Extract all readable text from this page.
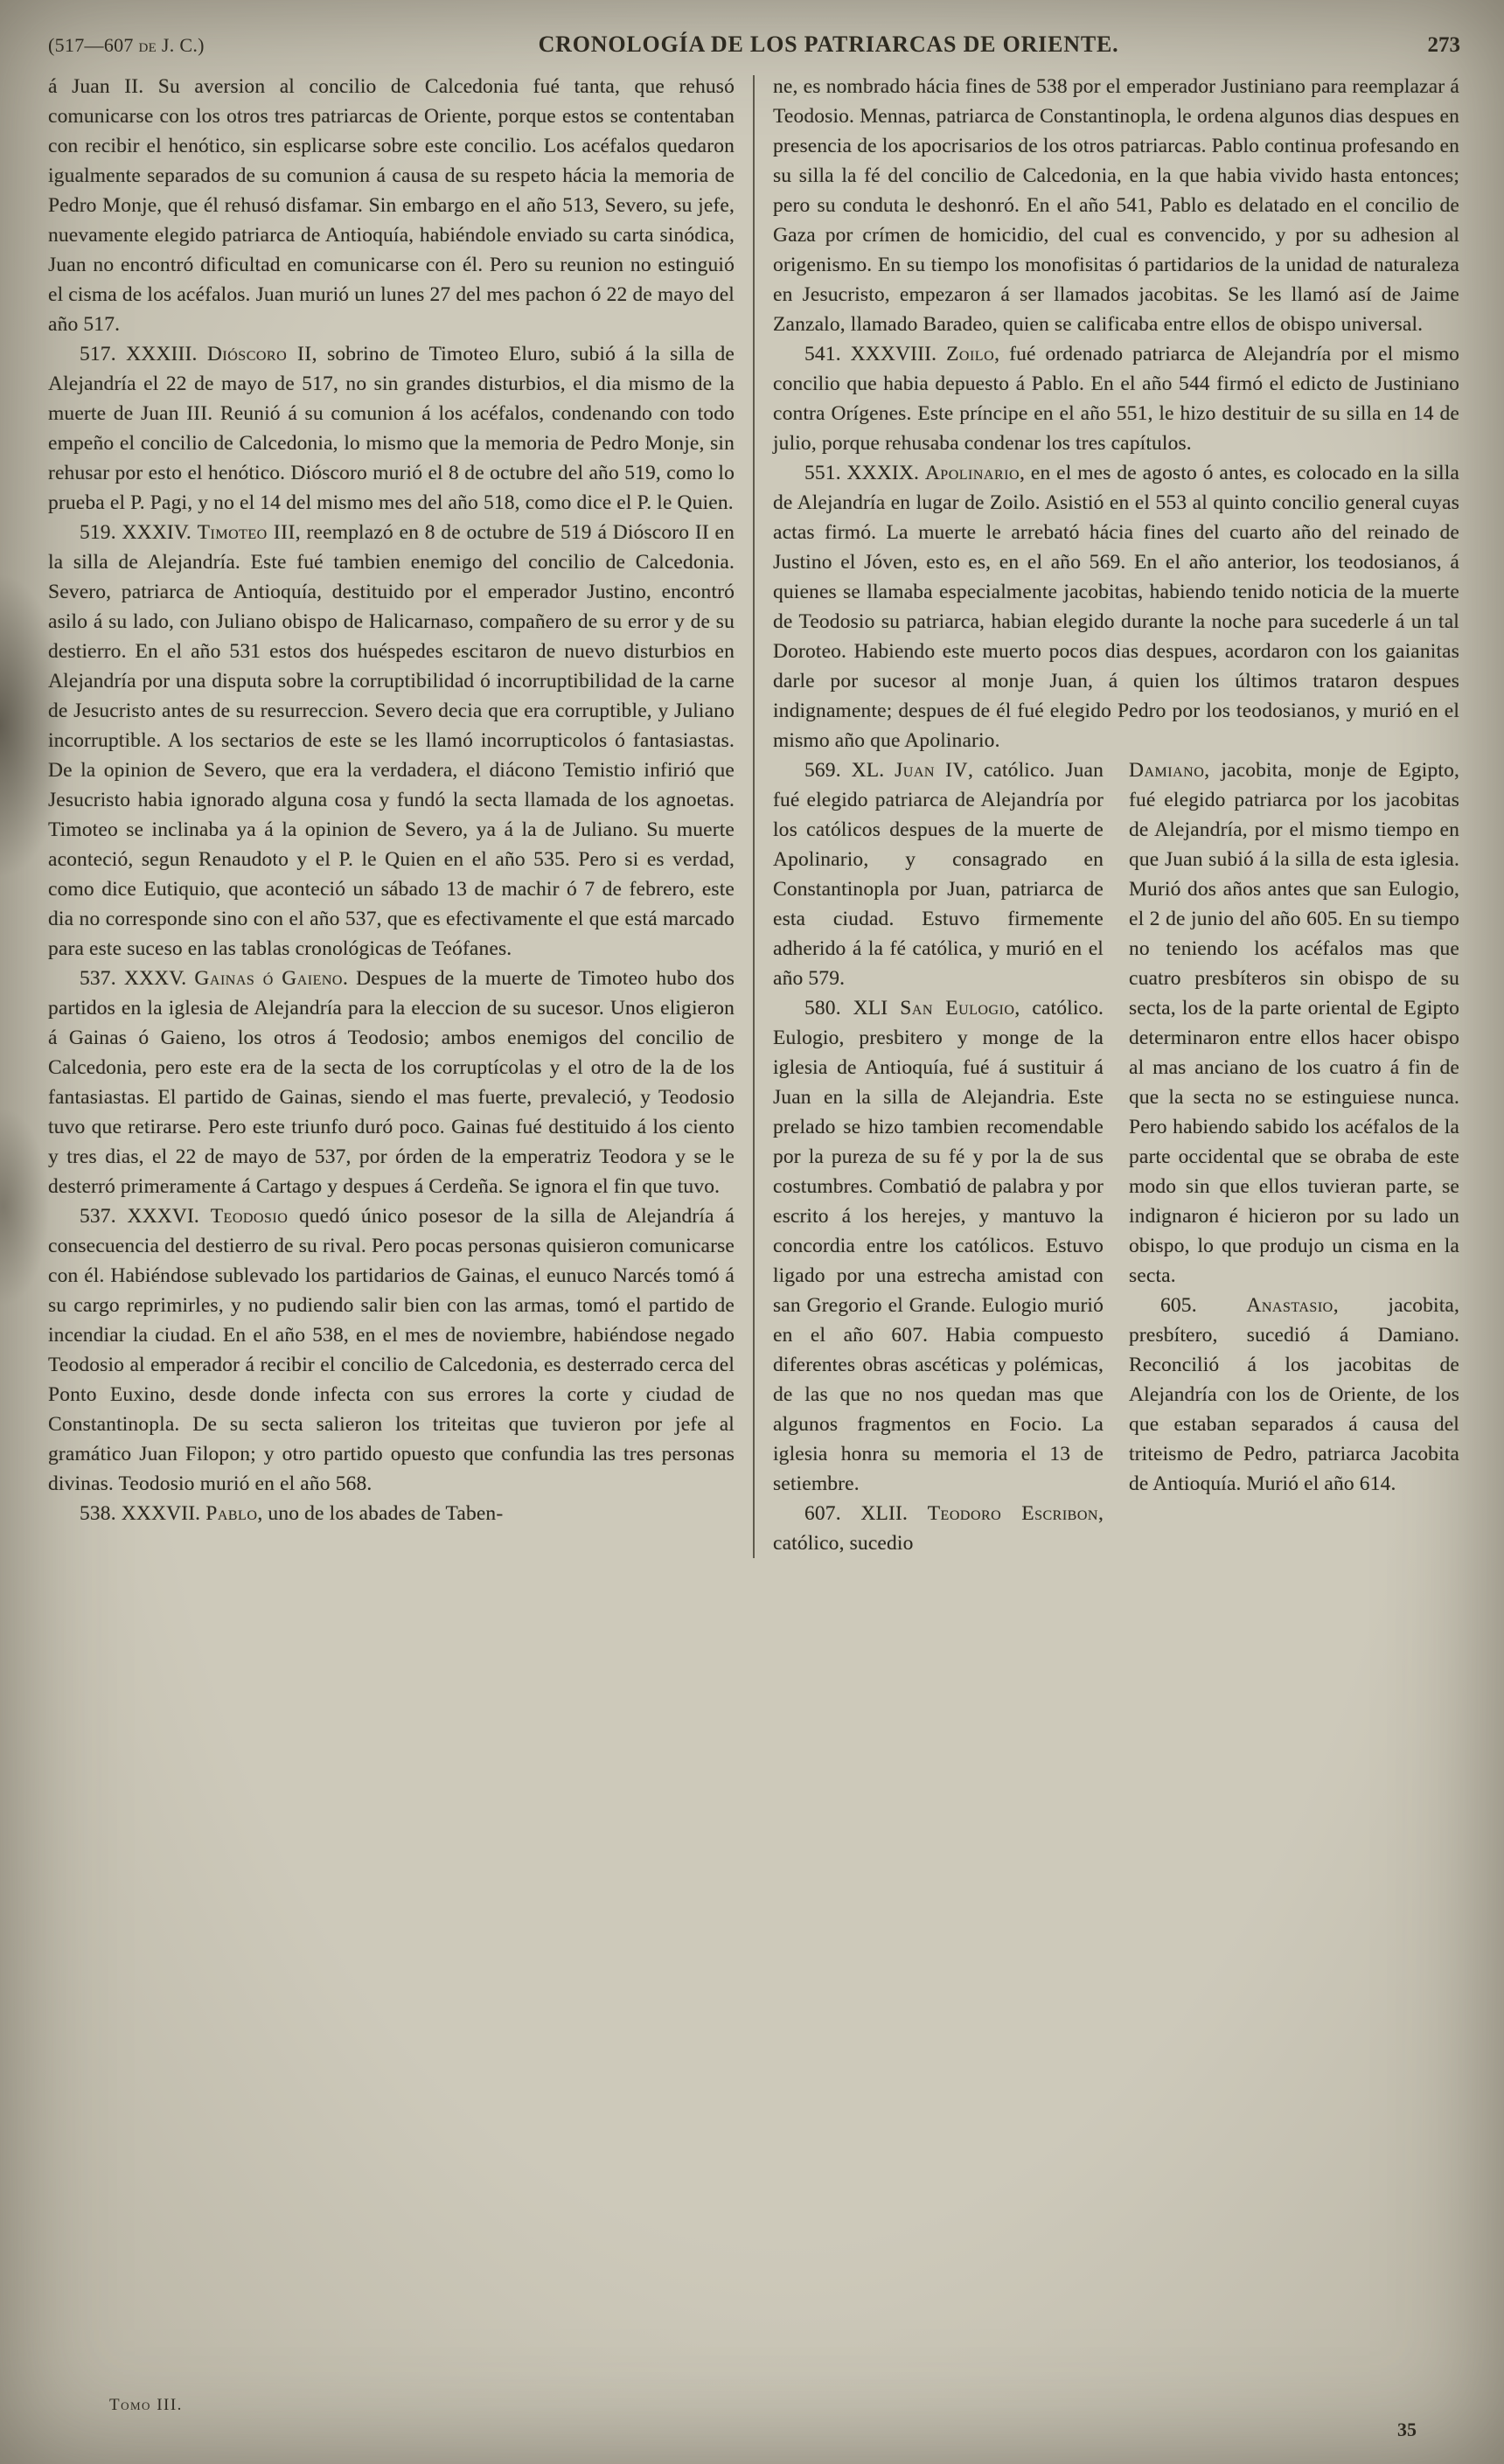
(517—607 de J. C.)	CRONOLOGÍA DE LOS PATRIARCAS DE ORIENTE.	273

á Juan II. Su aversion al concilio de Calcedonia fué tanta, que rehusó comunicarse con los otros tres patriarcas de Oriente, porque estos se contentaban con recibir el henótico, sin esplicarse sobre este concilio. Los acéfalos quedaron igualmente separados de su comunion á causa de su respeto hácia la memoria de Pedro Monje, que él rehusó disfamar. Sin embargo en el año 513, Severo, su jefe, nuevamente elegido patriarca de Antioquía, habiéndole enviado su carta sinódica, Juan no encontró dificultad en comunicarse con él. Pero su reunion no estinguió el cisma de los acéfalos. Juan murió un lunes 27 del mes pachon ó 22 de mayo del año 517.

517. XXXIII. Dióscoro II, sobrino de Timoteo Eluro, subió á la silla de Alejandría el 22 de mayo de 517, no sin grandes disturbios, el dia mismo de la muerte de Juan III. Reunió á su comunion á los acéfalos, condenando con todo empeño el concilio de Calcedonia, lo mismo que la memoria de Pedro Monje, sin rehusar por esto el henótico. Dióscoro murió el 8 de octubre del año 519, como lo prueba el P. Pagi, y no el 14 del mismo mes del año 518, como dice el P. le Quien.

519. XXXIV. Timoteo III, reemplazó en 8 de octubre de 519 á Dióscoro II en la silla de Alejandría. Este fué tambien enemigo del concilio de Calcedonia. Severo, patriarca de Antioquía, destituido por el emperador Justino, encontró asilo á su lado, con Juliano obispo de Halicarnaso, compañero de su error y de su destierro. En el año 531 estos dos huéspedes escitaron de nuevo disturbios en Alejandría por una disputa sobre la corruptibilidad ó incorruptibilidad de la carne de Jesucristo antes de su resurreccion. Severo decia que era corruptible, y Juliano incorruptible. A los sectarios de este se les llamó incorrupticolos ó fantasiastas. De la opinion de Severo, que era la verdadera, el diácono Temistio infirió que Jesucristo habia ignorado alguna cosa y fundó la secta llamada de los agnoetas. Timoteo se inclinaba ya á la opinion de Severo, ya á la de Juliano. Su muerte aconteció, segun Renaudoto y el P. le Quien en el año 535. Pero si es verdad, como dice Eutiquio, que aconteció un sábado 13 de machir ó 7 de febrero, este dia no corresponde sino con el año 537, que es efectivamente el que está marcado para este suceso en las tablas cronológicas de Teófanes.

537. XXXV. Gainas ó Gaieno. Despues de la muerte de Timoteo hubo dos partidos en la iglesia de Alejandría para la eleccion de su sucesor. Unos eligieron á Gainas ó Gaieno, los otros á Teodosio; ambos enemigos del concilio de Calcedonia, pero este era de la secta de los corruptícolas y el otro de la de los fantasiastas. El partido de Gainas, siendo el mas fuerte, prevaleció, y Teodosio tuvo que retirarse. Pero este triunfo duró poco. Gainas fué destituido á los ciento y tres dias, el 22 de mayo de 537, por órden de la emperatriz Teodora y se le desterró primeramente á Cartago y despues á Cerdeña. Se ignora el fin que tuvo.

537. XXXVI. Teodosio quedó único posesor de la silla de Alejandría á consecuencia del destierro de su rival. Pero pocas personas quisieron comunicarse con él. Habiéndose sublevado los partidarios de Gainas, el eunuco Narcés tomó á su cargo reprimirles, y no pudiendo salir bien con las armas, tomó el partido de incendiar la ciudad. En el año 538, en el mes de noviembre, habiéndose negado Teodosio al emperador á recibir el concilio de Calcedonia, es desterrado cerca del Ponto Euxino, desde donde infecta con sus errores la corte y ciudad de Constantinopla. De su secta salieron los triteitas que tuvieron por jefe al gramático Juan Filopon; y otro partido opuesto que confundia las tres personas divinas. Teodosio murió en el año 568.

538. XXXVII. Pablo, uno de los abades de Taben-

ne, es nombrado hácia fines de 538 por el emperador Justiniano para reemplazar á Teodosio. Mennas, patriarca de Constantinopla, le ordena algunos dias despues en presencia de los apocrisarios de los otros patriarcas. Pablo continua profesando en su silla la fé del concilio de Calcedonia, en la que habia vivido hasta entonces; pero su conduta le deshonró. En el año 541, Pablo es delatado en el concilio de Gaza por crímen de homicidio, del cual es convencido, y por su adhesion al origenismo. En su tiempo los monofisitas ó partidarios de la unidad de naturaleza en Jesucristo, empezaron á ser llamados jacobitas. Se les llamó así de Jaime Zanzalo, llamado Baradeo, quien se calificaba entre ellos de obispo universal.

541. XXXVIII. Zoilo, fué ordenado patriarca de Alejandría por el mismo concilio que habia depuesto á Pablo. En el año 544 firmó el edicto de Justiniano contra Orígenes. Este príncipe en el año 551, le hizo destituir de su silla en 14 de julio, porque rehusaba condenar los tres capítulos.

551. XXXIX. Apolinario, en el mes de agosto ó antes, es colocado en la silla de Alejandría en lugar de Zoilo. Asistió en el 553 al quinto concilio general cuyas actas firmó. La muerte le arrebató hácia fines del cuarto año del reinado de Justino el Jóven, esto es, en el año 569. En el año anterior, los teodosianos, á quienes se llamaba especialmente jacobitas, habiendo tenido noticia de la muerte de Teodosio su patriarca, habian elegido durante la noche para sucederle á un tal Doroteo. Habiendo este muerto pocos dias despues, acordaron con los gaianitas darle por sucesor al monje Juan, á quien los últimos trataron despues indignamente; despues de él fué elegido Pedro por los teodosianos, y murió en el mismo año que Apolinario.

569. XL. Juan IV, católico. Juan fué elegido patriarca de Alejandría por los católicos despues de la muerte de Apolinario, y consagrado en Constantinopla por Juan, patriarca de esta ciudad. Estuvo firmemente adherido á la fé católica, y murió en el año 579.

580. XLI San Eulogio, católico. Eulogio, presbitero y monge de la iglesia de Antioquía, fué á sustituir á Juan en la silla de Alejandria. Este prelado se hizo tambien recomendable por la pureza de su fé y por la de sus costumbres. Combatió de palabra y por escrito á los herejes, y mantuvo la concordia entre los católicos. Estuvo ligado por una estrecha amistad con san Gregorio el Grande. Eulogio murió en el año 607. Habia compuesto diferentes obras ascéticas y polémicas, de las que no nos quedan mas que algunos fragmentos en Focio. La iglesia honra su memoria el 13 de setiembre.

607. XLII. Teodoro Escribon, católico, sucedio

Damiano, jacobita, monje de Egipto, fué elegido patriarca por los jacobitas de Alejandría, por el mismo tiempo en que Juan subió á la silla de esta iglesia. Murió dos años antes que san Eulogio, el 2 de junio del año 605. En su tiempo no teniendo los acéfalos mas que cuatro presbíteros sin obispo de su secta, los de la parte oriental de Egipto determinaron entre ellos hacer obispo al mas anciano de los cuatro á fin de que la secta no se estinguiese nunca. Pero habiendo sabido los acéfalos de la parte occidental que se obraba de este modo sin que ellos tuvieran parte, se indignaron é hicieron por su lado un obispo, lo que produjo un cisma en la secta.

605. Anastasio, jacobita, presbítero, sucedió á Damiano. Reconcilió á los jacobitas de Alejandría con los de Oriente, de los que estaban separados á causa del triteismo de Pedro, patriarca Jacobita de Antioquía. Murió el año 614.

Tomo III.
35
